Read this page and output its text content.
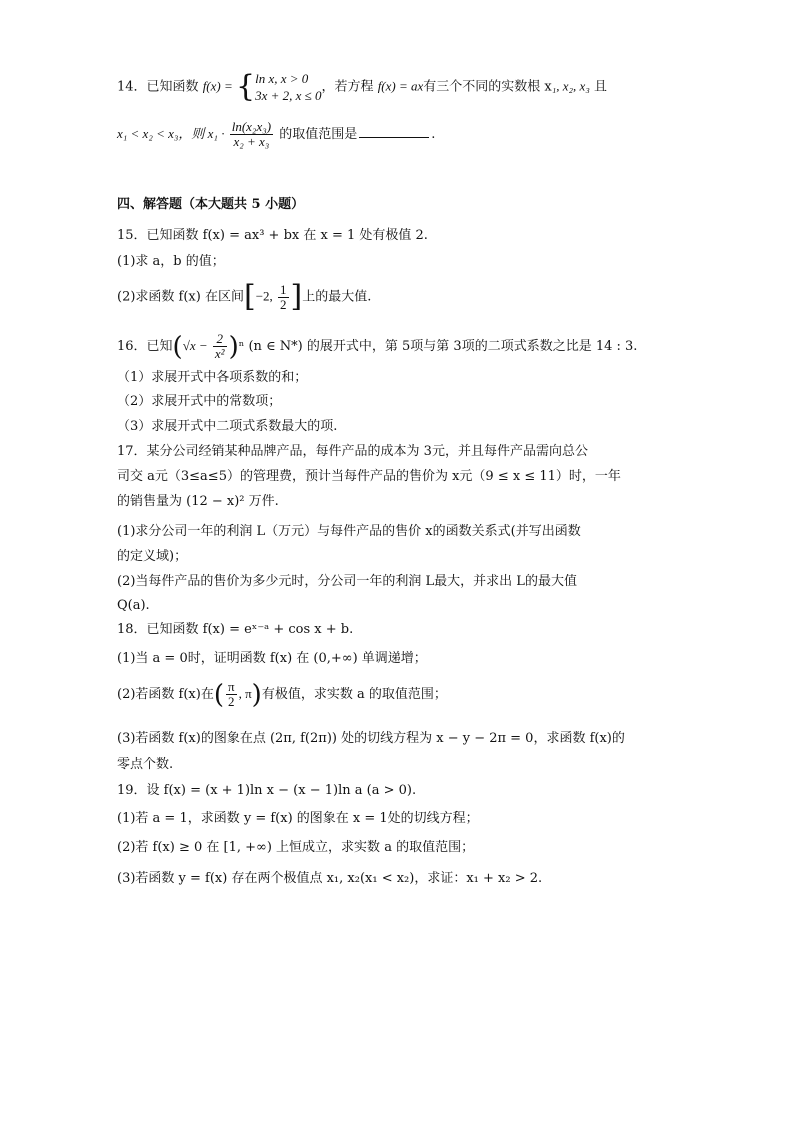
14．已知函数 f(x) = { ln x, x > 0
3x + 2, x ≤ 0
，若方程 f(x) = ax有三个不同的实数根 x₁, x₂, x₃ 且
x₁ < x₂ < x₃，则 $x_1 \cdot \frac{\text{ln(x₂x₃)}}{\text{x₂ + x₃}}$ 的取值范围是	.
四、解答题（本大题共 5 小题）
15．已知函数 f(x) = ax³ + bx 在 x = 1 处有极值 2.
(1)求 a，b 的值；
(2)求函数 f(x) 在区间[−2, $\frac{1}{2}$ ]上的最大值.
16．已知$(√x - \frac{2}{\text{x²}} )^n$ (n ∈ N*) 的展开式中，第 5项与第 3项的二项式系数之比是 14 : 3.
（1）求展开式中各项系数的和；
（2）求展开式中的常数项；
（3）求展开式中二项式系数最大的项.
17．某分公司经销某种品牌产品，每件产品的成本为 3元，并且每件产品需向总公
司交 a元（3≤a≤5）的管理费，预计当每件产品的售价为 x元（9 ≤ x ≤ 11）时，一年
的销售量为 (12 − x)² 万件.
(1)求分公司一年的利润 L（万元）与每件产品的售价 x的函数关系式(并写出函数
的定义域)；
(2)当每件产品的售价为多少元时，分公司一年的利润 L最大，并求出 L的最大值
Q(a).
18．已知函数 f(x) = eˣ⁻ᵃ + cos x + b.
(1)当 a = 0时，证明函数 f(x) 在 (0,+∞) 单调递增；
(2)若函数 f(x)在( $\frac{\pi}{2}$ , π)有极值，求实数 a 的取值范围；
(3)若函数 f(x)的图象在点 (2π, f(2π)) 处的切线方程为 x − y − 2π = 0，求函数 f(x)的
零点个数.
19．设 f(x) = (x + 1)ln x − (x − 1)ln a (a > 0).
(1)若 a = 1，求函数 y = f(x) 的图象在 x = 1处的切线方程；
(2)若 f(x) ≥ 0 在 [1, +∞) 上恒成立，求实数 a 的取值范围；
(3)若函数 y = f(x) 存在两个极值点 x₁, x₂(x₁ < x₂)，求证：x₁ + x₂ > 2.
